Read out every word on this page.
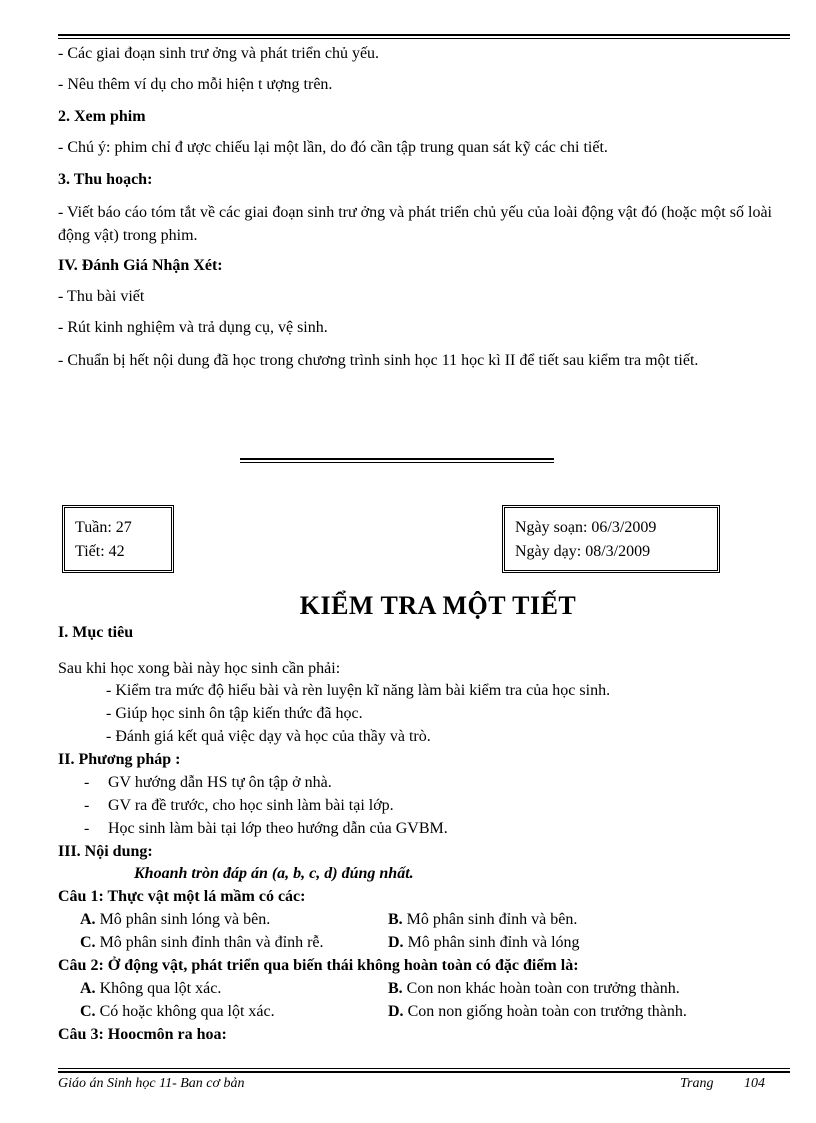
- Các giai đoạn sinh trư ởng và phát triển chủ yếu.
- Nêu thêm ví dụ cho mỗi hiện t ượng trên.
2. Xem phim
- Chú ý: phim chỉ đ ược chiếu lại một lần, do đó cần tập trung quan sát kỹ các chi tiết.
3. Thu hoạch:
- Viết báo cáo tóm tắt về các giai đoạn sinh trư ởng và phát triển chủ yếu của loài động vật đó (hoặc một số loài động vật) trong phim.
IV. Đánh Giá Nhận Xét:
- Thu bài viết
- Rút kinh nghiệm và trả dụng cụ, vệ sinh.
- Chuẩn bị hết nội dung đã học trong chương trình sinh học 11 học kì II để tiết sau kiểm tra một tiết.
Tuần: 27
Tiết: 42
Ngày soạn: 06/3/2009
Ngày dạy: 08/3/2009
KIỂM TRA MỘT TIẾT
I. Mục tiêu
Sau khi học xong bài này học sinh cần phải:
- Kiểm tra mức độ hiểu bài và rèn luyện kĩ năng làm bài kiểm tra của học sinh.
- Giúp học sinh ôn tập kiến thức đã học.
- Đánh giá kết quả việc dạy và học của thầy và trò.
II. Phương pháp :
- GV hướng dẫn HS tự ôn tập ở nhà.
- GV ra đề trước, cho học sinh làm bài tại lớp.
- Học sinh làm bài tại lớp theo hướng dẫn của GVBM.
III. Nội dung:
Khoanh tròn đáp án (a, b, c, d) đúng nhất.
Câu 1: Thực vật một lá mầm có các:
A. Mô phân sinh lóng và bên.	B. Mô phân sinh đỉnh và bên.
C. Mô phân sinh đỉnh thân và đỉnh rễ.	D. Mô phân sinh đỉnh và lóng
Câu 2: Ở động vật, phát triển qua biến thái không hoàn toàn có đặc điểm là:
A. Không qua lột xác.	B. Con non khác hoàn toàn con trưởng thành.
C. Có hoặc không qua lột xác.	D. Con non giống hoàn toàn con trưởng thành.
Câu 3: Hoocmôn ra hoa:
Giáo án Sinh học 11- Ban cơ bản	Trang 104
